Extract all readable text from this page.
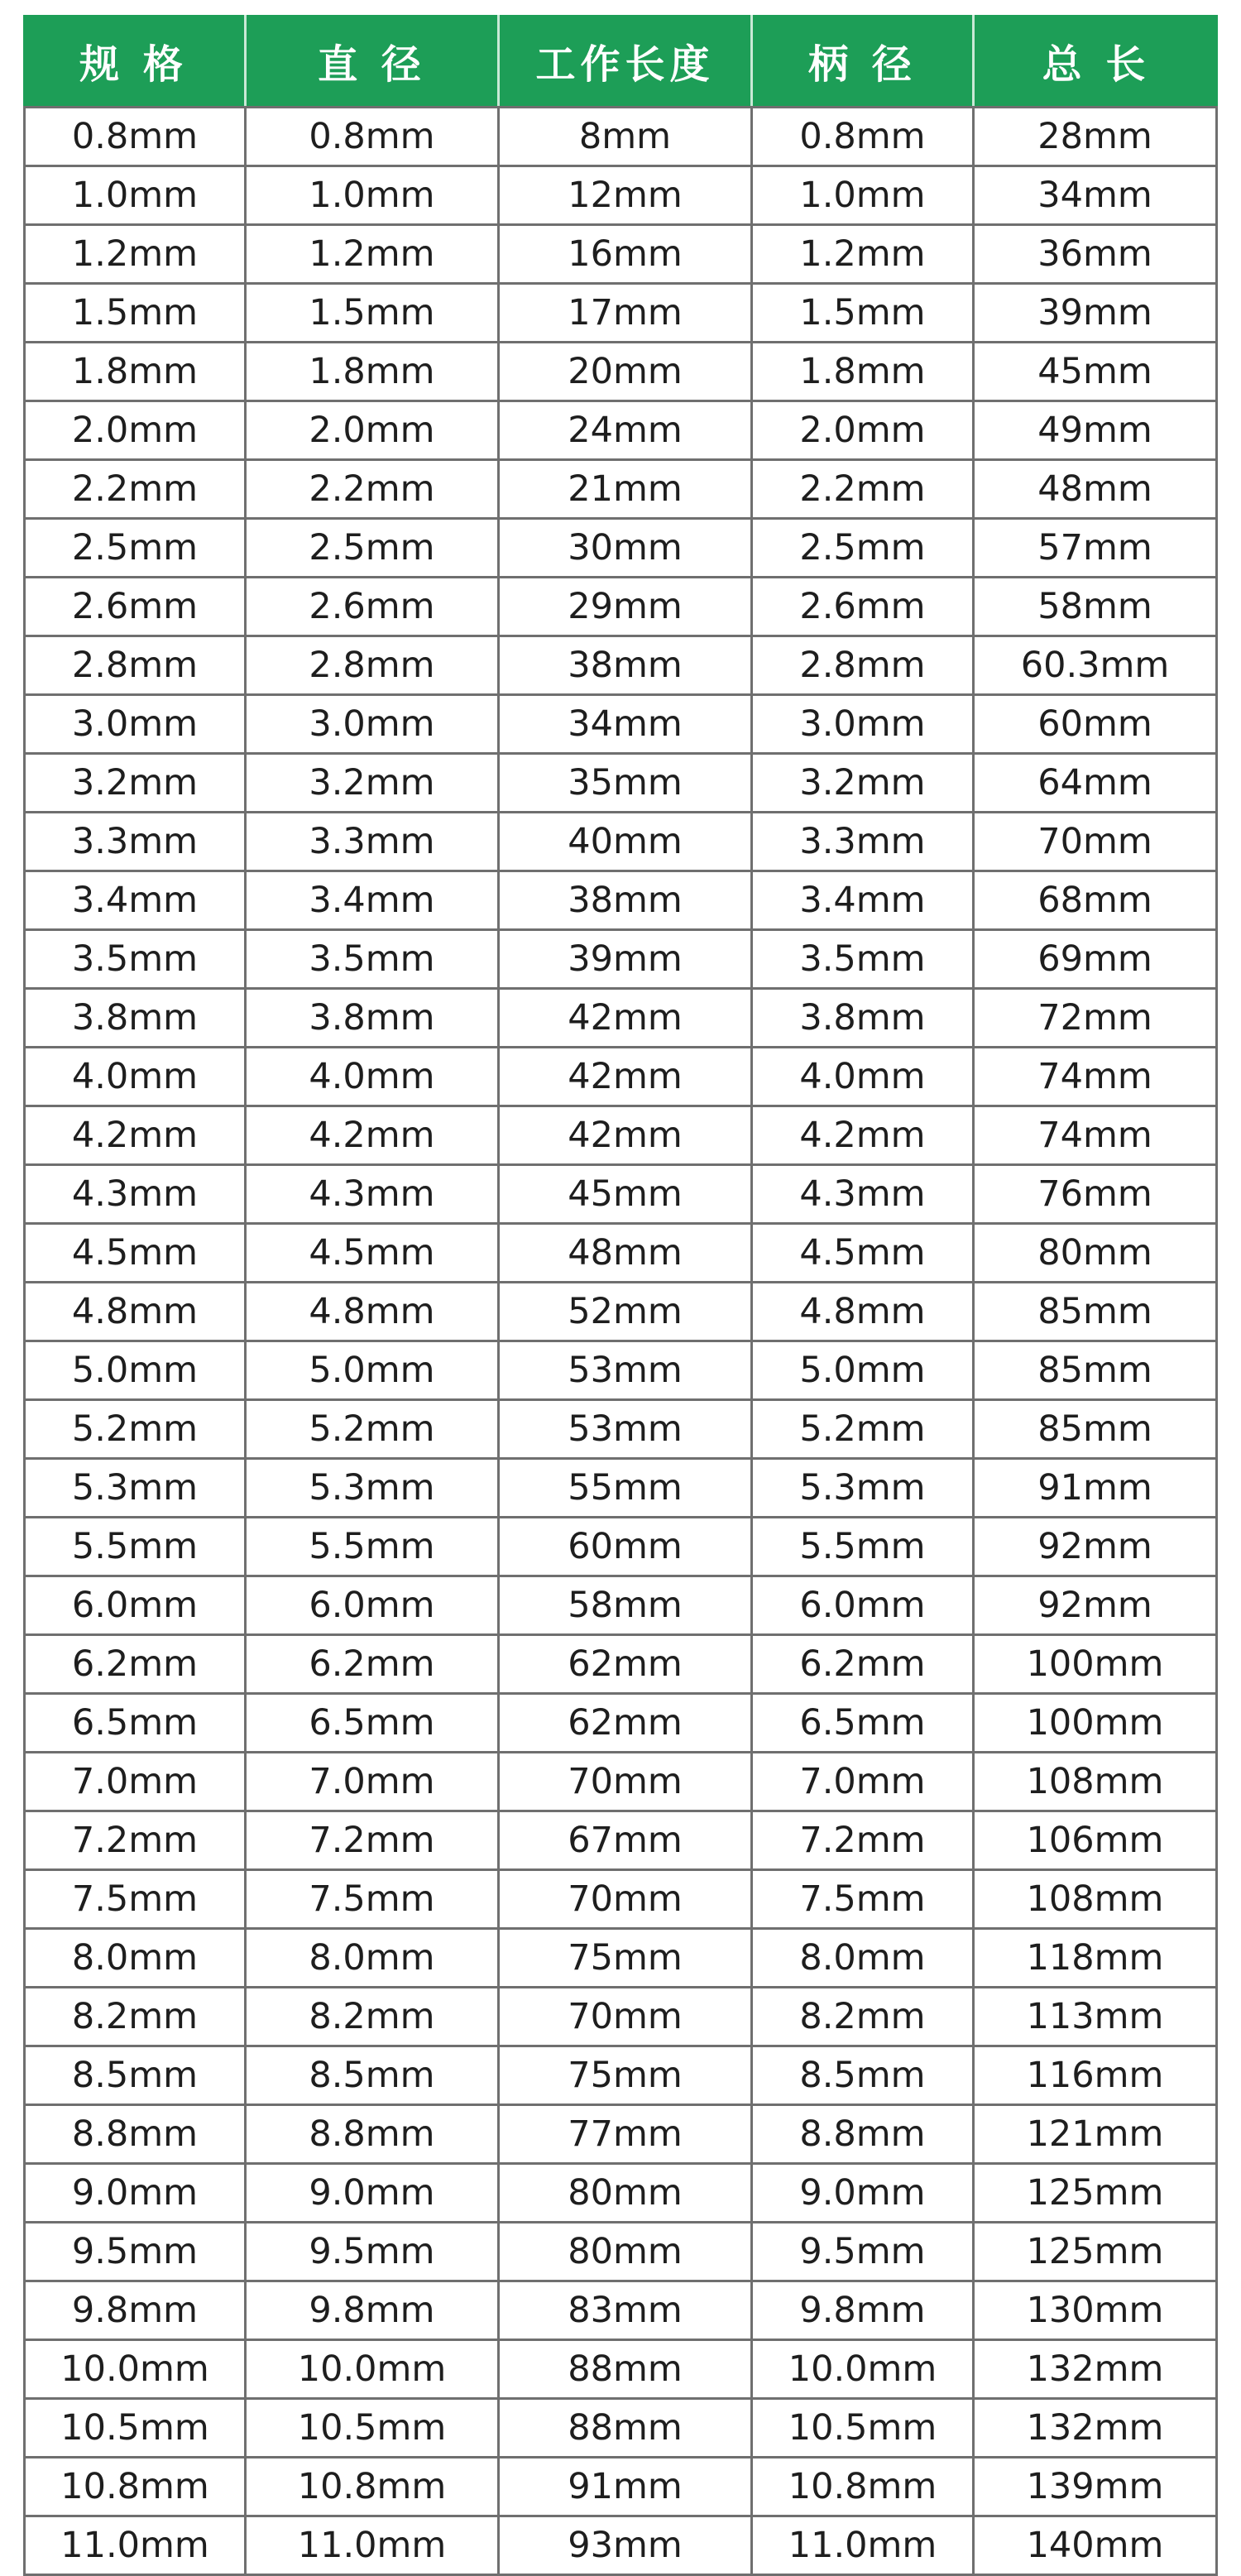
规 格	直 径	工作长度	柄 径	总 长
0.8mm	0.8mm	8mm	0.8mm	28mm
1.0mm	1.0mm	12mm	1.0mm	34mm
1.2mm	1.2mm	16mm	1.2mm	36mm
1.5mm	1.5mm	17mm	1.5mm	39mm
1.8mm	1.8mm	20mm	1.8mm	45mm
2.0mm	2.0mm	24mm	2.0mm	49mm
2.2mm	2.2mm	21mm	2.2mm	48mm
2.5mm	2.5mm	30mm	2.5mm	57mm
2.6mm	2.6mm	29mm	2.6mm	58mm
2.8mm	2.8mm	38mm	2.8mm	60.3mm
3.0mm	3.0mm	34mm	3.0mm	60mm
3.2mm	3.2mm	35mm	3.2mm	64mm
3.3mm	3.3mm	40mm	3.3mm	70mm
3.4mm	3.4mm	38mm	3.4mm	68mm
3.5mm	3.5mm	39mm	3.5mm	69mm
3.8mm	3.8mm	42mm	3.8mm	72mm
4.0mm	4.0mm	42mm	4.0mm	74mm
4.2mm	4.2mm	42mm	4.2mm	74mm
4.3mm	4.3mm	45mm	4.3mm	76mm
4.5mm	4.5mm	48mm	4.5mm	80mm
4.8mm	4.8mm	52mm	4.8mm	85mm
5.0mm	5.0mm	53mm	5.0mm	85mm
5.2mm	5.2mm	53mm	5.2mm	85mm
5.3mm	5.3mm	55mm	5.3mm	91mm
5.5mm	5.5mm	60mm	5.5mm	92mm
6.0mm	6.0mm	58mm	6.0mm	92mm
6.2mm	6.2mm	62mm	6.2mm	100mm
6.5mm	6.5mm	62mm	6.5mm	100mm
7.0mm	7.0mm	70mm	7.0mm	108mm
7.2mm	7.2mm	67mm	7.2mm	106mm
7.5mm	7.5mm	70mm	7.5mm	108mm
8.0mm	8.0mm	75mm	8.0mm	118mm
8.2mm	8.2mm	70mm	8.2mm	113mm
8.5mm	8.5mm	75mm	8.5mm	116mm
8.8mm	8.8mm	77mm	8.8mm	121mm
9.0mm	9.0mm	80mm	9.0mm	125mm
9.5mm	9.5mm	80mm	9.5mm	125mm
9.8mm	9.8mm	83mm	9.8mm	130mm
10.0mm	10.0mm	88mm	10.0mm	132mm
10.5mm	10.5mm	88mm	10.5mm	132mm
10.8mm	10.8mm	91mm	10.8mm	139mm
11.0mm	11.0mm	93mm	11.0mm	140mm
